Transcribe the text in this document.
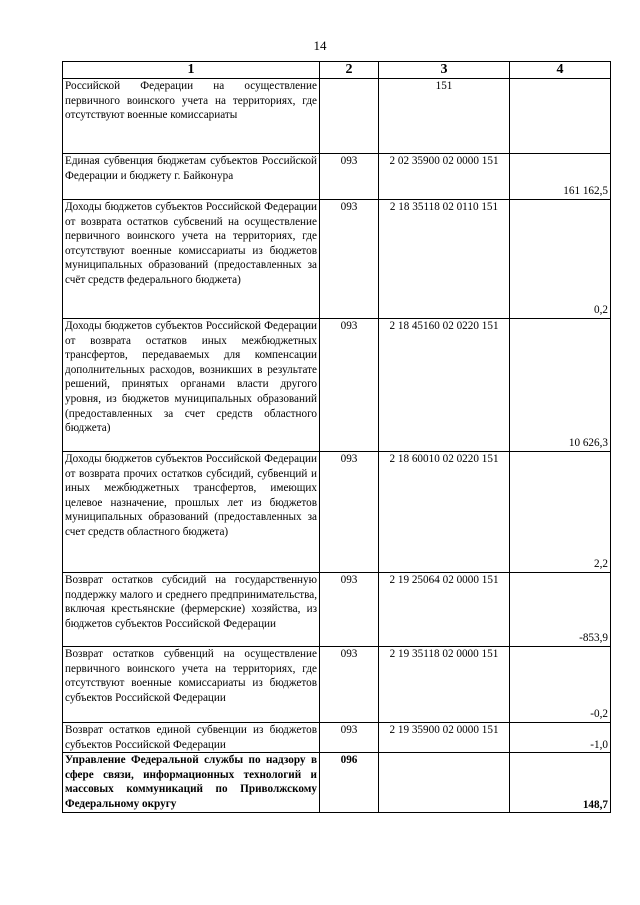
14
1	2	3	4
Российской Федерации на осуществление первичного воинского учета на территориях, где отсутствуют военные комиссариаты		151	
Единая субвенция бюджетам субъектов Российской Федерации и бюджету г. Байконура	093	2 02 35900 02 0000 151	161 162,5
Доходы бюджетов субъектов Российской Федерации от возврата остатков субсвений на осуществление первичного воинского учета на территориях, где отсутствуют военные комиссариаты из бюджетов муниципальных образований (предоставленных за счёт средств федерального бюджета)	093	2 18 35118 02 0110 151	0,2
Доходы бюджетов субъектов Российской Федерации от возврата остатков иных межбюджетных трансфертов, передаваемых для компенсации дополнительных расходов, возникших в результате решений, принятых органами власти другого уровня, из бюджетов муниципальных образований (предоставленных за счет средств областного бюджета)	093	2 18 45160 02 0220 151	10 626,3
Доходы бюджетов субъектов Российской Федерации от возврата прочих остатков субсидий, субвенций и иных межбюджетных трансфертов, имеющих целевое назначение, прошлых лет из бюджетов муниципальных образований (предоставленных за счет средств областного бюджета)	093	2 18 60010 02 0220 151	2,2
Возврат остатков субсидий на государственную поддержку малого и среднего предпринимательства, включая крестьянские (фермерские) хозяйства, из бюджетов субъектов Российской Федерации	093	2 19 25064 02 0000 151	-853,9
Возврат остатков субвенций на осуществление первичного воинского учета на территориях, где отсутствуют военные комиссариаты из бюджетов субъектов Российской Федерации	093	2 19 35118 02 0000 151	-0,2
Возврат остатков единой субвенции из бюджетов субъектов Российской Федерации	093	2 19 35900 02 0000 151	-1,0
Управление Федеральной службы по надзору в сфере связи, информационных технологий и массовых коммуникаций по Приволжскому Федеральному округу	096		148,7
